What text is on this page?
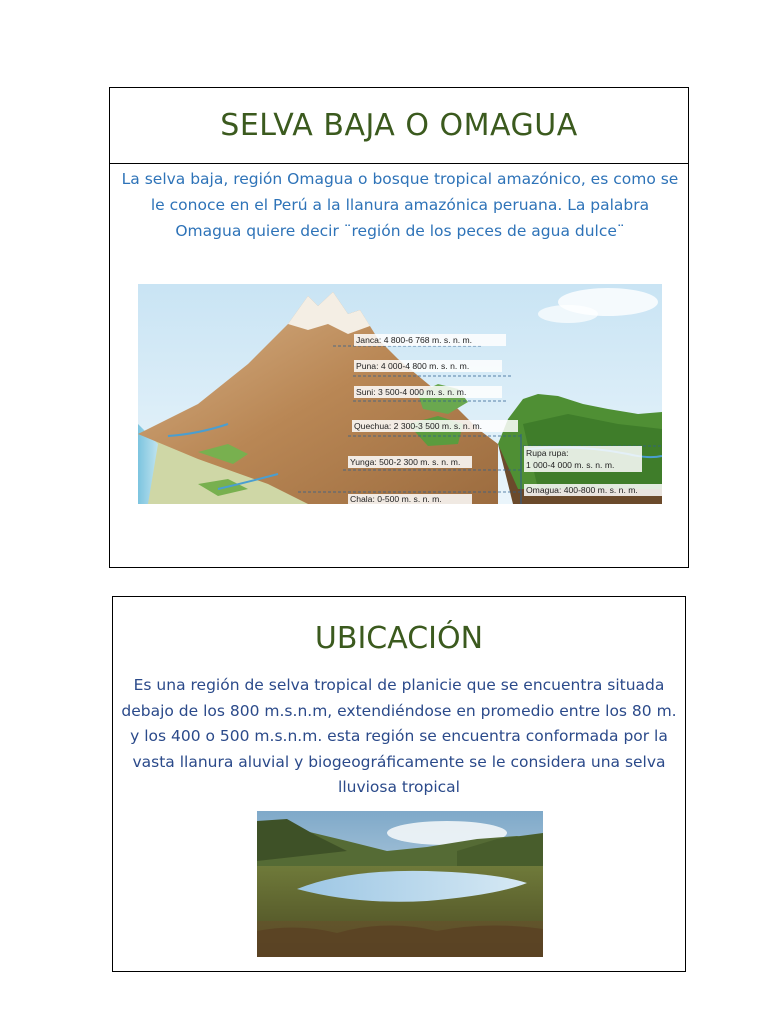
SELVA BAJA O OMAGUA
La selva baja, región Omagua o bosque tropical amazónico, es como se le conoce en el Perú a la llanura amazónica peruana. La palabra Omagua quiere decir ¨región de los peces de agua dulce¨
Janca: 4 800-6 768 m. s. n. m.
Puna: 4 000-4 800 m. s. n. m.
Suni: 3 500-4 000 m. s. n. m.
Quechua: 2 300-3 500 m. s. n. m.
Yunga: 500-2 300 m. s. n. m.
Chala: 0-500 m. s. n. m.
Rupa rupa:
1 000-4 000 m. s. n. m.
Omagua: 400-800 m. s. n. m.
UBICACIÓN
Es una región de selva tropical de planicie que se encuentra situada debajo de los 800 m.s.n.m, extendiéndose en promedio entre los 80 m. y los 400 o 500 m.s.n.m. esta región se encuentra conformada por la vasta llanura aluvial y biogeográficamente se le considera una selva lluviosa tropical
